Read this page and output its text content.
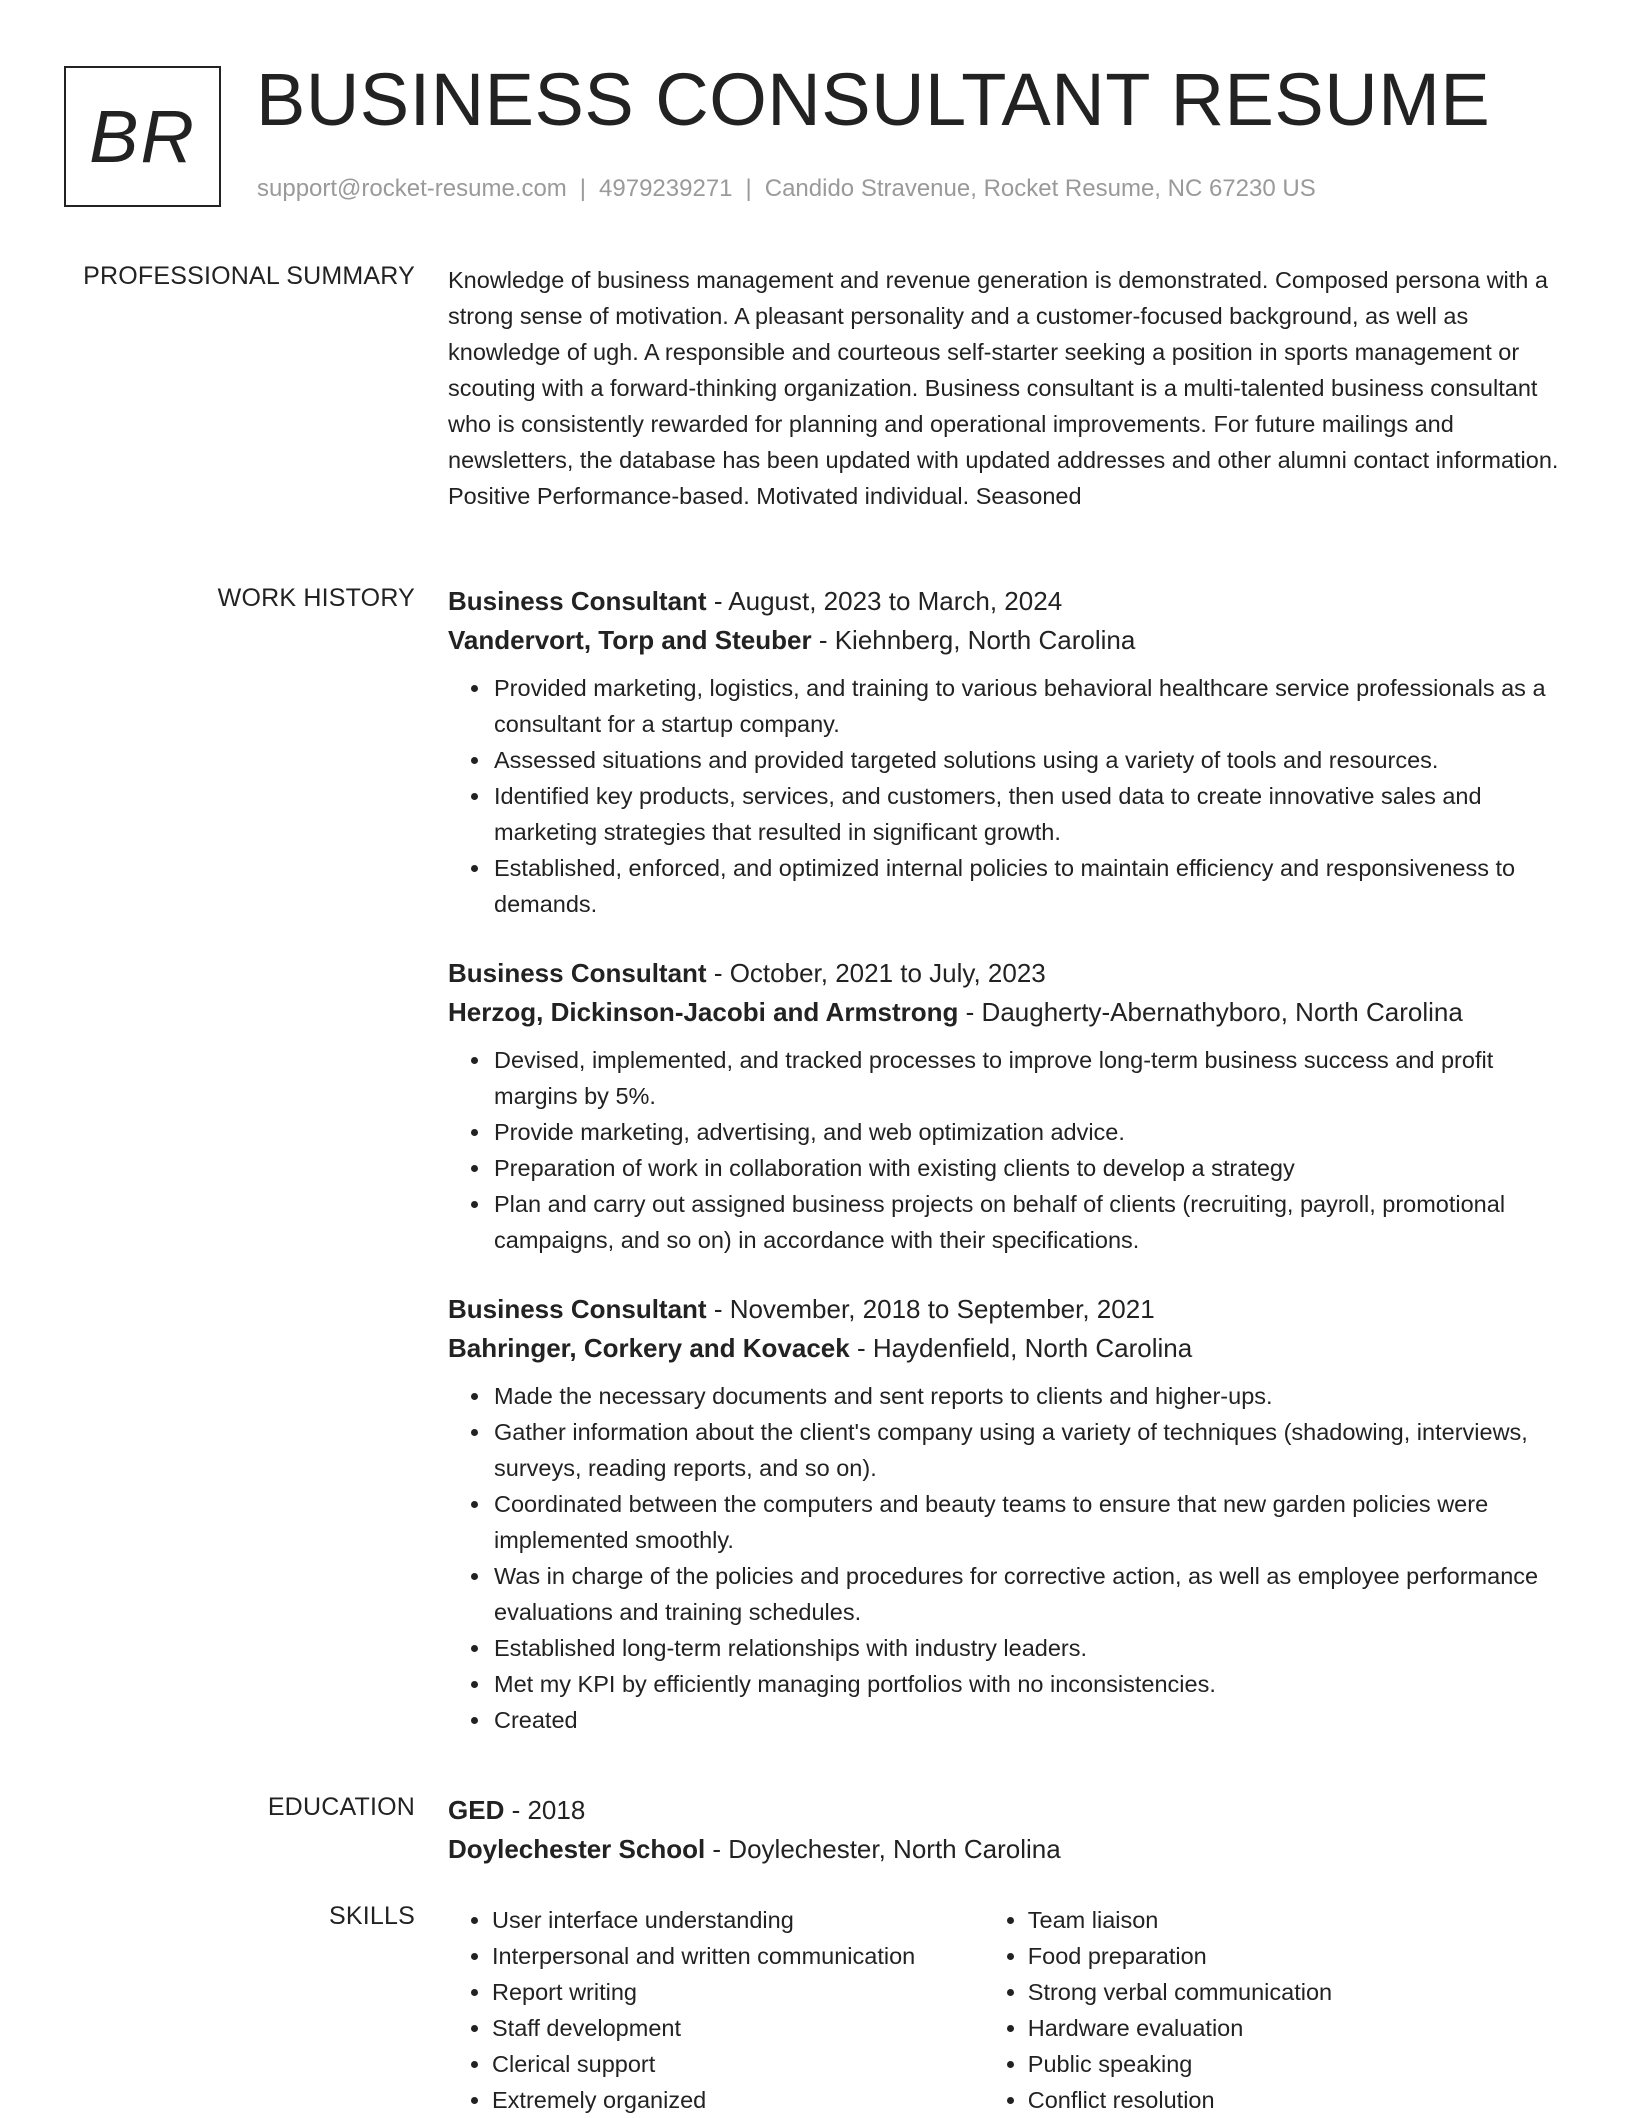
BR BUSINESS CONSULTANT RESUME
support@rocket-resume.com | 4979239271 | Candido Stravenue, Rocket Resume, NC 67230 US
PROFESSIONAL SUMMARY Knowledge of business management and revenue generation is demonstrated. Composed persona with a strong sense of motivation. A pleasant personality and a customer-focused background, as well as knowledge of ugh. A responsible and courteous self-starter seeking a position in sports management or scouting with a forward-thinking organization. Business consultant is a multi-talented business consultant who is consistently rewarded for planning and operational improvements. For future mailings and newsletters, the database has been updated with updated addresses and other alumni contact information. Positive Performance-based. Motivated individual. Seasoned

WORK HISTORY Business Consultant - August, 2023 to March, 2024
Vandervort, Torp and Steuber - Kiehnberg, North Carolina
• Provided marketing, logistics, and training to various behavioral healthcare service professionals as a consultant for a startup company.
• Assessed situations and provided targeted solutions using a variety of tools and resources.
• Identified key products, services, and customers, then used data to create innovative sales and marketing strategies that resulted in significant growth.
• Established, enforced, and optimized internal policies to maintain efficiency and responsiveness to demands.
Business Consultant - October, 2021 to July, 2023
Herzog, Dickinson-Jacobi and Armstrong - Daugherty-Abernathyboro, North Carolina
• Devised, implemented, and tracked processes to improve long-term business success and profit margins by 5%.
• Provide marketing, advertising, and web optimization advice.
• Preparation of work in collaboration with existing clients to develop a strategy
• Plan and carry out assigned business projects on behalf of clients (recruiting, payroll, promotional campaigns, and so on) in accordance with their specifications.
Business Consultant - November, 2018 to September, 2021
Bahringer, Corkery and Kovacek - Haydenfield, North Carolina
• Made the necessary documents and sent reports to clients and higher-ups.
• Gather information about the client's company using a variety of techniques (shadowing, interviews, surveys, reading reports, and so on).
• Coordinated between the computers and beauty teams to ensure that new garden policies were implemented smoothly.
• Was in charge of the policies and procedures for corrective action, as well as employee performance evaluations and training schedules.
• Established long-term relationships with industry leaders.
• Met my KPI by efficiently managing portfolios with no inconsistencies.
• Created
EDUCATION GED - 2018
Doylechester School - Doylechester, North Carolina
SKILLS
•	User interface understanding
• Interpersonal and written communication
• Report writing
• Staff development
• Clerical support
• Extremely organized
• Team liaison
• Food preparation
• Strong verbal communication
• Hardware evaluation
• Public speaking
• Conflict resolution
